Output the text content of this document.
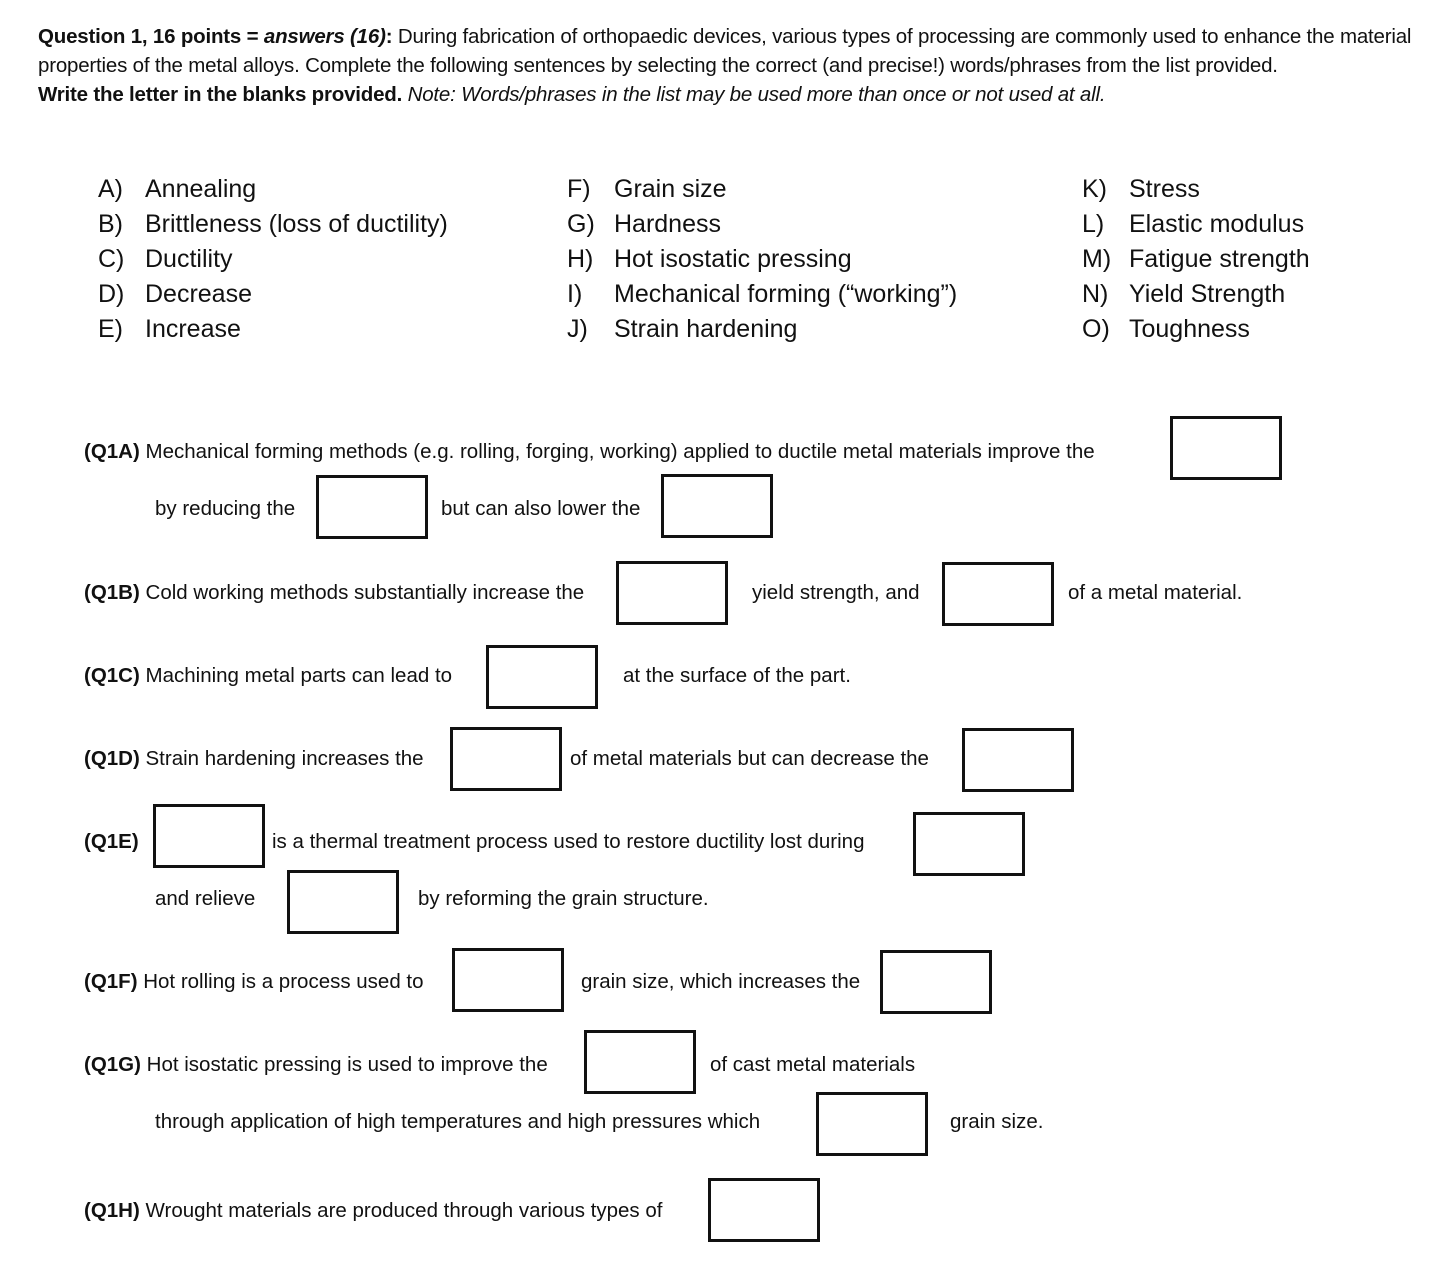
Question 1, 16 points = answers (16): During fabrication of orthopaedic devices, various types of processing are commonly used to enhance the material properties of the metal alloys. Complete the following sentences by selecting the correct (and precise!) words/phrases from the list provided.
Write the letter in the blanks provided. Note: Words/phrases in the list may be used more than once or not used at all.
A) Annealing
B) Brittleness (loss of ductility)
C) Ductility
D) Decrease
E) Increase
F) Grain size
G) Hardness
H) Hot isostatic pressing
I) Mechanical forming (“working”)
J) Strain hardening
K) Stress
L) Elastic modulus
M) Fatigue strength
N) Yield Strength
O) Toughness
(Q1A) Mechanical forming methods (e.g. rolling, forging, working) applied to ductile metal materials improve the
by reducing the	but can also lower the
(Q1B) Cold working methods substantially increase the	yield strength, and	of a metal material.
(Q1C) Machining metal parts can lead to	at the surface of the part.
(Q1D) Strain hardening increases the	of metal materials but can decrease the
(Q1E)	is a thermal treatment process used to restore ductility lost during
and relieve	by reforming the grain structure.
(Q1F) Hot rolling is a process used to	grain size, which increases the
(Q1G) Hot isostatic pressing is used to improve the	of cast metal materials
through application of high temperatures and high pressures which	grain size.
(Q1H) Wrought materials are produced through various types of
